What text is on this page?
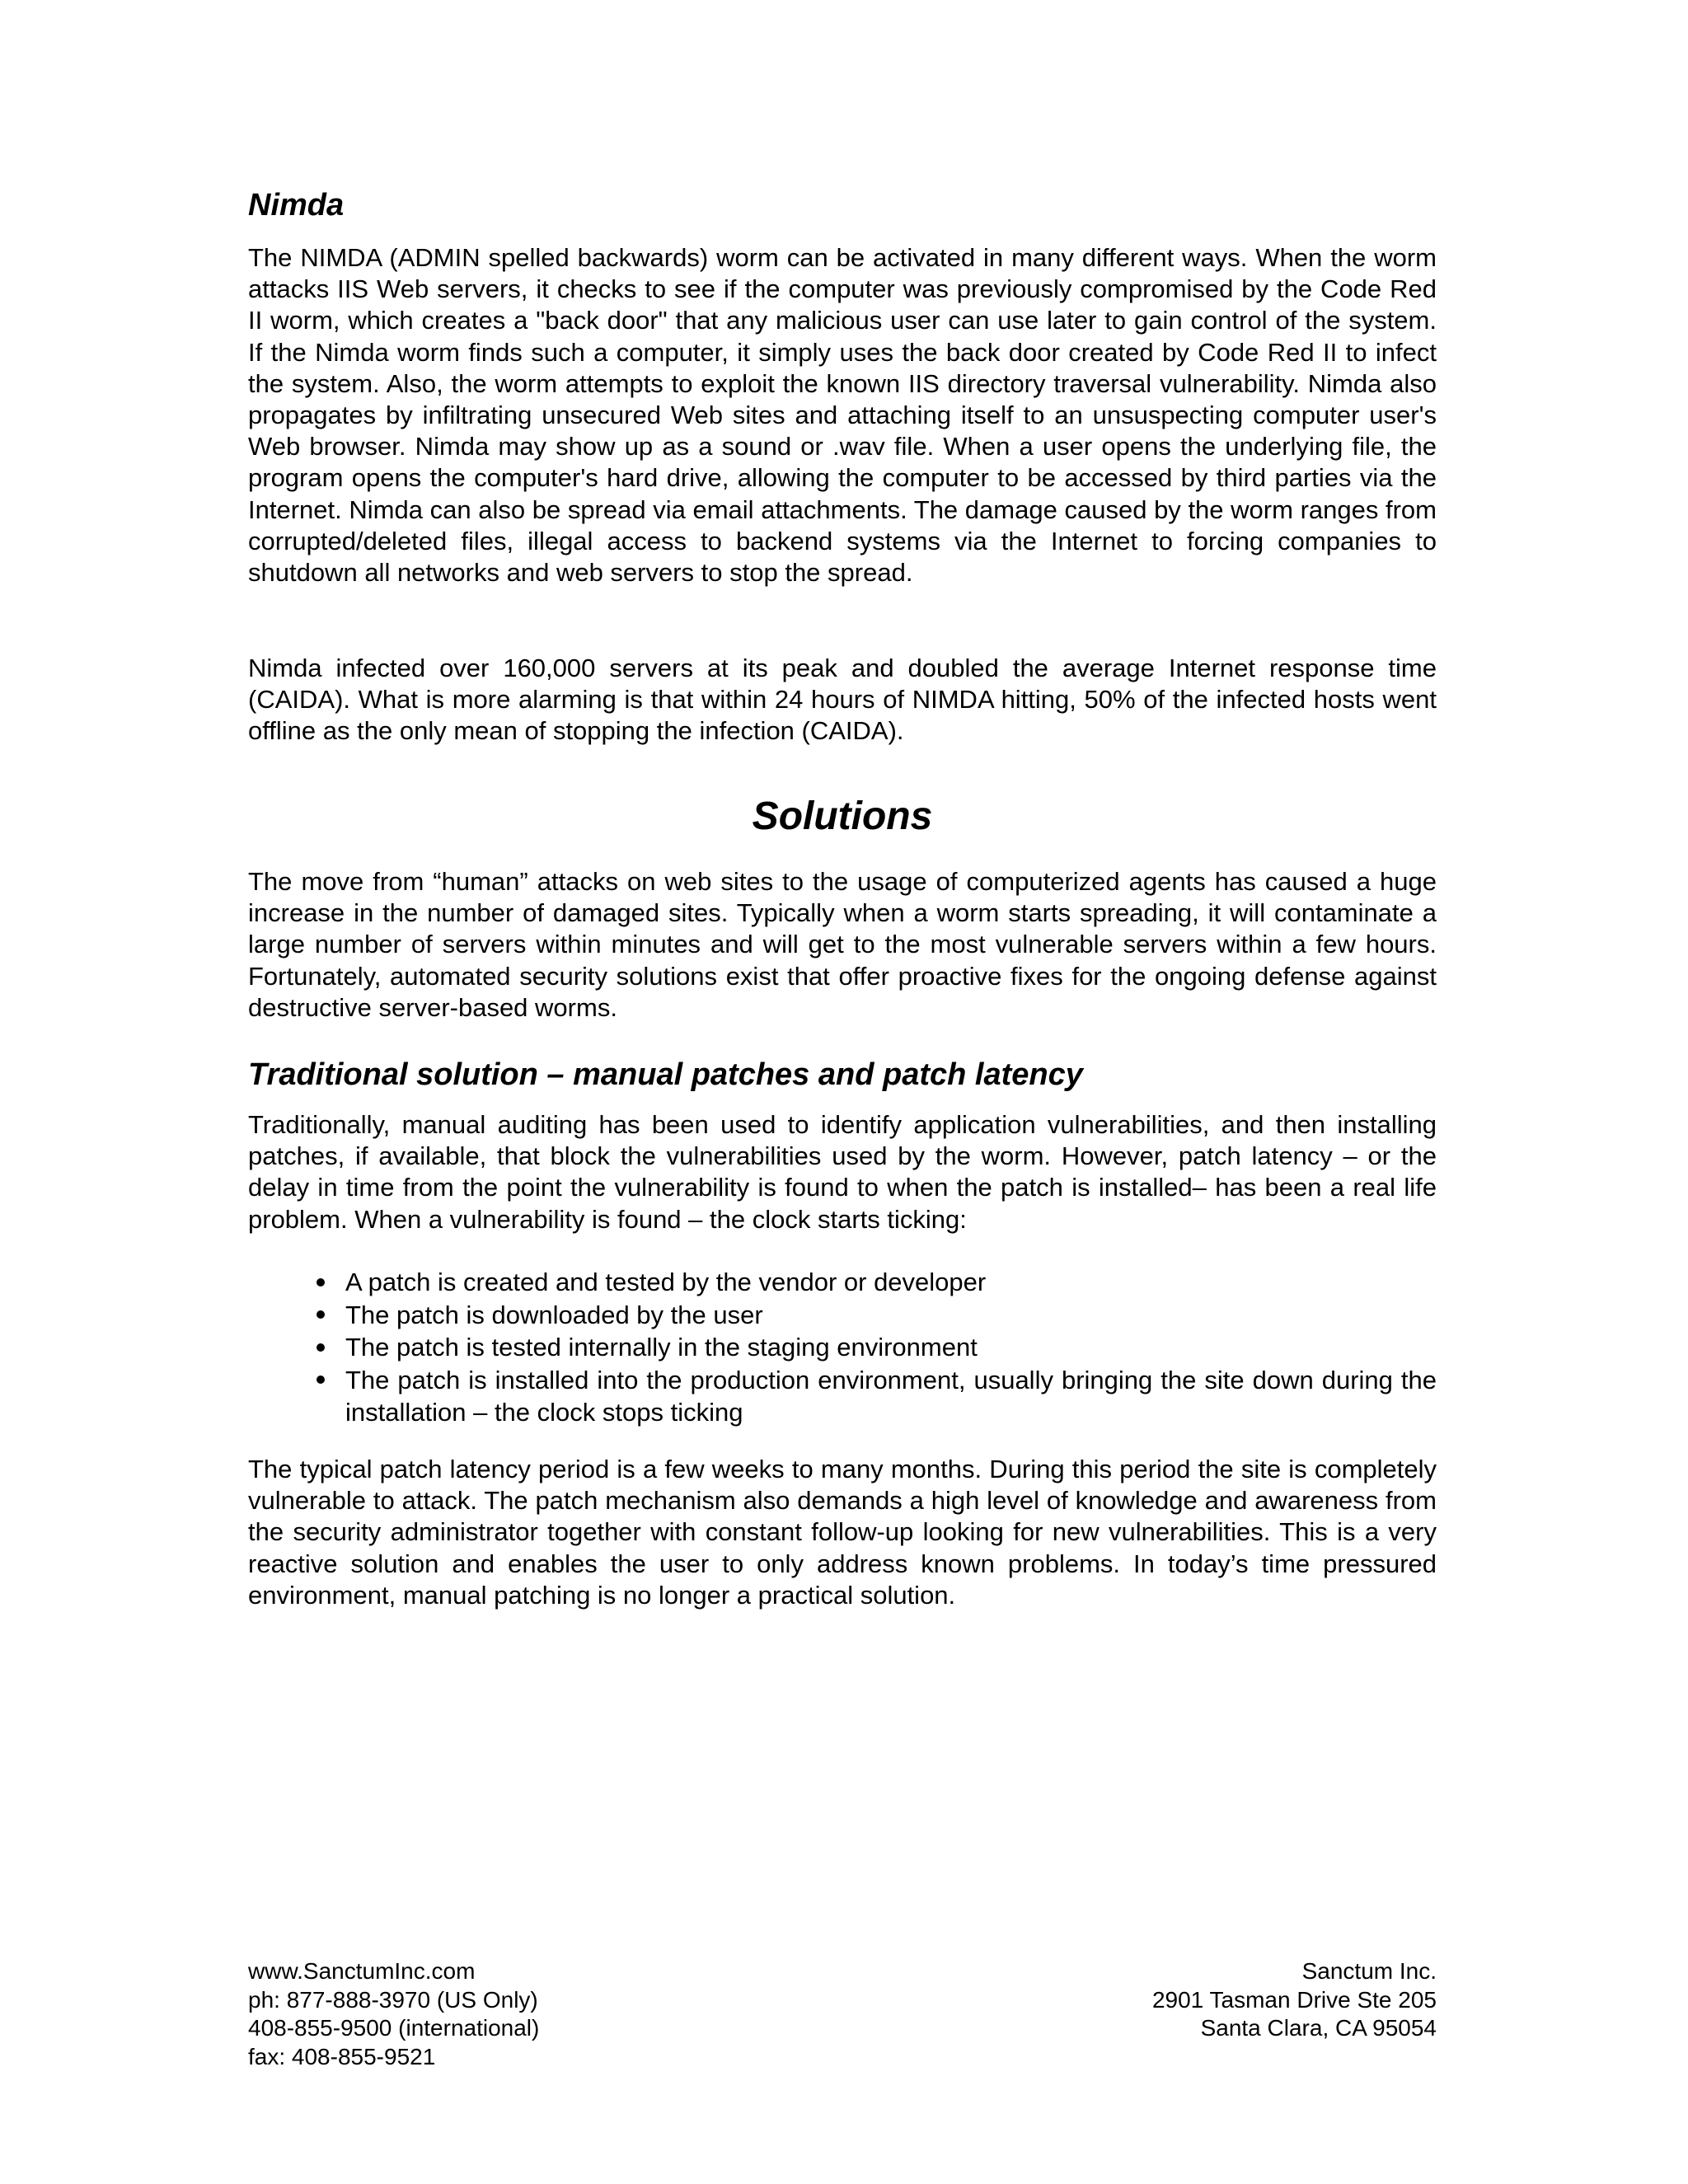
Nimda

The NIMDA (ADMIN spelled backwards) worm can be activated in many different ways. When the worm attacks IIS Web servers, it checks to see if the computer was previously compromised by the Code Red II worm, which creates a "back door" that any malicious user can use later to gain control of the system. If the Nimda worm finds such a computer, it simply uses the back door created by Code Red II to infect the system. Also, the worm attempts to exploit the known IIS directory traversal vulnerability. Nimda also propagates by infiltrating unsecured Web sites and attaching itself to an unsuspecting computer user's Web browser. Nimda may show up as a sound or .wav file. When a user opens the underlying file, the program opens the computer's hard drive, allowing the computer to be accessed by third parties via the Internet. Nimda can also be spread via email attachments. The damage caused by the worm ranges from corrupted/deleted files, illegal access to backend systems via the Internet to forcing companies to shutdown all networks and web servers to stop the spread.

Nimda infected over 160,000 servers at its peak and doubled the average Internet response time (CAIDA). What is more alarming is that within 24 hours of NIMDA hitting, 50% of the infected hosts went offline as the only mean of stopping the infection (CAIDA).

Solutions

The move from “human” attacks on web sites to the usage of computerized agents has caused a huge increase in the number of damaged sites. Typically when a worm starts spreading, it will contaminate a large number of servers within minutes and will get to the most vulnerable servers within a few hours. Fortunately, automated security solutions exist that offer proactive fixes for the ongoing defense against destructive server-based worms.

Traditional solution – manual patches and patch latency

Traditionally, manual auditing has been used to identify application vulnerabilities, and then installing patches, if available, that block the vulnerabilities used by the worm. However, patch latency – or the delay in time from the point the vulnerability is found to when the patch is installed– has been a real life problem. When a vulnerability is found – the clock starts ticking:

A patch is created and tested by the vendor or developer
The patch is downloaded by the user
The patch is tested internally in the staging environment
The patch is installed into the production environment, usually bringing the site down during the installation – the clock stops ticking

The typical patch latency period is a few weeks to many months. During this period the site is completely vulnerable to attack. The patch mechanism also demands a high level of knowledge and awareness from the security administrator together with constant follow-up looking for new vulnerabilities. This is a very reactive solution and enables the user to only address known problems. In today’s time pressured environment, manual patching is no longer a practical solution.

www.SanctumInc.com
ph: 877-888-3970 (US Only)
408-855-9500 (international)
fax: 408-855-9521
Sanctum Inc.
2901 Tasman Drive Ste 205
Santa Clara, CA 95054
